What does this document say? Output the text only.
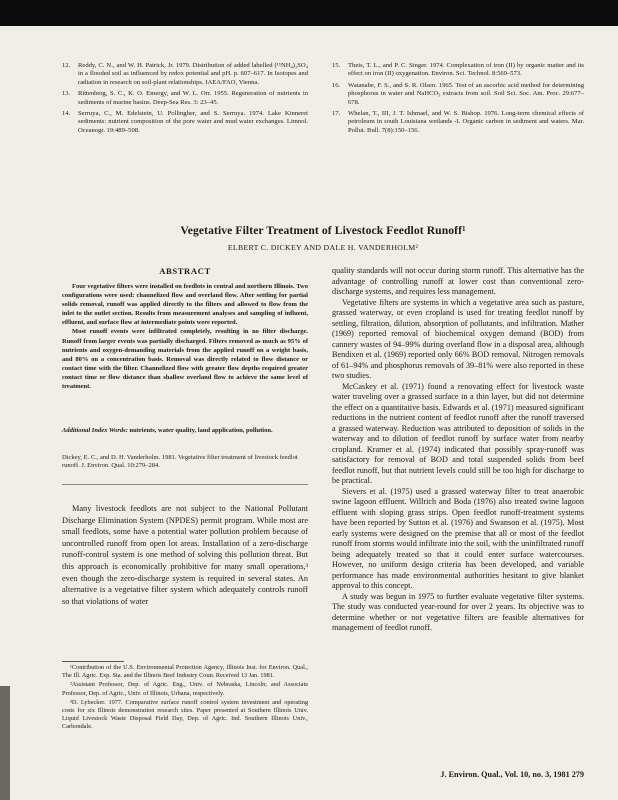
12. Reddy, C. N., and W. H. Patrick, Jr. 1979. Distribution of added labelled (¹⁵NH₄)₂SO₄ in a flooded soil as influenced by redox potential and pH. p. 607–617. In Isotopes and radiation in research on soil-plant relationships. IAEA/FAO, Vienna.
13. Rittenberg, S. C., K. O. Emergy, and W. L. Orr. 1955. Regeneration of nutrients in sediments of marine basins. Deep-Sea Res. 3: 23–45.
14. Serruya, C., M. Edelstein, U. Pollingher, and S. Serruya. 1974. Lake Kinneret sediments: nutrient composition of the pore water and mud water exchanges. Limnol. Oceanogr. 19:489–508.
15. Theis, T. L., and P. C. Singer. 1974. Complexation of iron (II) by organic matter and its effect on iron (II) oxygenation. Environ. Sci. Technol. 8:569–573.
16. Watanabe, F. S., and S. R. Olsen. 1965. Test of an ascorbic acid method for determining phosphorus in water and NaHCO₃ extracts from soil. Soil Sci. Soc. Am. Proc. 29:677–678.
17. Whelan, T., III, J. T. Ishmael, and W. S. Bishop. 1976. Long-term chemical effects of petroleum in south Louisiana wetlands -I. Organic carbon in sediment and waters. Mar. Pollut. Bull. 7(8):150–156.
Vegetative Filter Treatment of Livestock Feedlot Runoff¹
ELBERT C. DICKEY AND DALE H. VANDERHOLM²
ABSTRACT

Four vegetative filters were installed on feedlots in central and northern Illinois. Two configurations were used: channelized flow and overland flow. After settling for partial solids removal, runoff was applied directly to the filters and allowed to flow from the inlet to the outlet section. Results from measurement analyses and sampling of influent, effluent, and surface flow at intermediate points were reported.

Most runoff events were infiltrated completely, resulting in no filter discharge. Runoff from larger events was partially discharged. Filters removed as much as 95% of nutrients and oxygen-demanding materials from the applied runoff on a weight basis, and 80% on a concentration basis. Removal was directly related to flow distance or contact time with the filter. Channelized flow with greater flow depths required greater contact time or flow distance than shallow overland flow to achieve the same level of treatment.

Additional Index Words: nutrients, water quality, land application, pollution.
Dickey, E. C., and D. H. Vanderholm. 1981. Vegetative filter treatment of livestock feedlot runoff. J. Environ. Qual. 10:279–284.

Many livestock feedlots are not subject to the National Pollutant Discharge Elimination System (NPDES) permit program. While most are small feedlots, some have a potential water pollution problem because of uncontrolled runoff from open lot areas. Installation of a zero-discharge runoff-control system is one method of solving this pollution threat. But this approach is economically prohibitive for many small operations,³ even though the zero-discharge system is required in several states. An alternative is a vegetative filter system which adequately controls runoff so that violations of water

¹Contribution of the U.S. Environmental Protection Agency, Illinois Inst. for Environ. Qual., The Ill. Agric. Exp. Sta. and the Illinois Beef Industry Coun. Received 13 Jan. 1981.

²Assistant Professor, Dep. of Agric. Eng., Univ. of Nebraska, Lincoln; and Associate Professor, Dep. of Agric., Univ. of Illinois, Urbana, respectively.

³D. Lybecker. 1977. Comparative surface runoff control system investment and operating costs for six Illinois demonstration research sites. Paper presented at Southern Illinois Univ. Liquid Livestock Waste Disposal Field Day, Dep. of Agric. Ind. Southern Illinois Univ., Carbondale.

quality standards will not occur during storm runoff. This alternative has the advantage of controlling runoff at lower cost than conventional zero-discharge systems, and requires less management.

Vegetative filters are systems in which a vegetative area such as pasture, grassed waterway, or even cropland is used for treating feedlot runoff by settling, filtration, dilution, absorption of pollutants, and infiltration. Mather (1969) reported removal of biochemical oxygen demand (BOD) from cannery wastes of 94–99% during overland flow in a disposal area, although Bendixen et al. (1969) reported only 66% BOD removal. Nitrogen removals of 61–94% and phosphorus removals of 39–81% were also reported in these two studies.

McCaskey et al. (1971) found a renovating effect for livestock waste water traveling over a grassed surface in a thin layer, but did not determine the effect on a quantitative basis. Edwards et al. (1971) measured significant reductions in the nutrient content of feedlot runoff after the runoff traversed a grassed waterway. Reduction was attributed to deposition of solids in the waterway and to dilution of feedlot runoff by surface water from nearby cropland. Kramer et al. (1974) indicated that possibly spray-runoff was satisfactory for removal of BOD and total suspended solids from beef feedlot runoff, but that nutrient levels could still be too high for discharge to be practical.

Sievers et al. (1975) used a grassed waterway filter to treat anaerobic swine lagoon effluent. Willrich and Boda (1976) also treated swine lagoon effluent with sloping grass strips. Open feedlot runoff-treatment systems have been reported by Sutton et al. (1976) and Swanson et al. (1975). Most early systems were designed on the premise that all or most of the feedlot runoff from storms would infiltrate into the soil, with the uninfiltrated runoff being adequately treated so that it could enter surface watercourses. However, no uniform design criteria has been developed, and variable performance has made environmental authorities hesitant to give blanket approval to this concept.

A study was begun in 1975 to further evaluate vegetative filter systems. The study was conducted year-round for over 2 years. Its objective was to determine whether or not vegetative filters are feasible alternatives for management of feedlot runoff.

J. Environ. Qual., Vol. 10, no. 3, 1981 279
